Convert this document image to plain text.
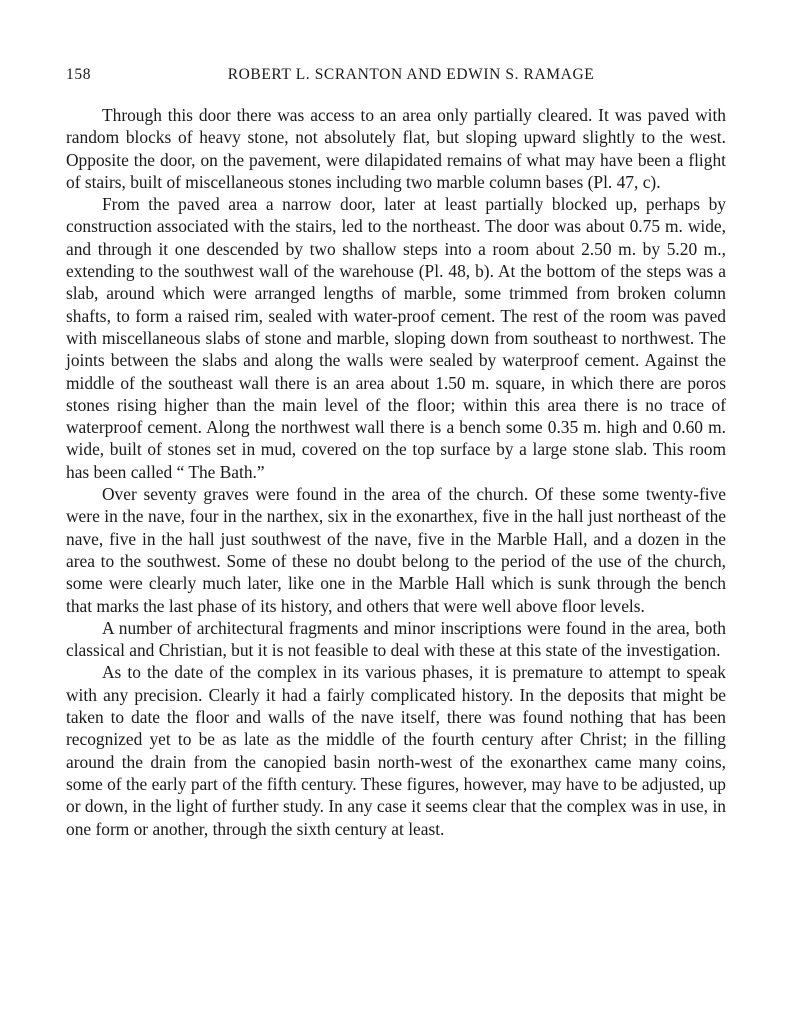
158	ROBERT L. SCRANTON AND EDWIN S. RAMAGE

Through this door there was access to an area only partially cleared. It was paved with random blocks of heavy stone, not absolutely flat, but sloping upward slightly to the west. Opposite the door, on the pavement, were dilapidated remains of what may have been a flight of stairs, built of miscellaneous stones including two marble column bases (Pl. 47, c).

From the paved area a narrow door, later at least partially blocked up, perhaps by construction associated with the stairs, led to the northeast. The door was about 0.75 m. wide, and through it one descended by two shallow steps into a room about 2.50 m. by 5.20 m., extending to the southwest wall of the warehouse (Pl. 48, b). At the bottom of the steps was a slab, around which were arranged lengths of marble, some trimmed from broken column shafts, to form a raised rim, sealed with water-proof cement. The rest of the room was paved with miscellaneous slabs of stone and marble, sloping down from southeast to northwest. The joints between the slabs and along the walls were sealed by waterproof cement. Against the middle of the southeast wall there is an area about 1.50 m. square, in which there are poros stones rising higher than the main level of the floor; within this area there is no trace of waterproof cement. Along the northwest wall there is a bench some 0.35 m. high and 0.60 m. wide, built of stones set in mud, covered on the top surface by a large stone slab. This room has been called “ The Bath.”

Over seventy graves were found in the area of the church. Of these some twenty-five were in the nave, four in the narthex, six in the exonarthex, five in the hall just northeast of the nave, five in the hall just southwest of the nave, five in the Marble Hall, and a dozen in the area to the southwest. Some of these no doubt belong to the period of the use of the church, some were clearly much later, like one in the Marble Hall which is sunk through the bench that marks the last phase of its history, and others that were well above floor levels.

A number of architectural fragments and minor inscriptions were found in the area, both classical and Christian, but it is not feasible to deal with these at this state of the investigation.

As to the date of the complex in its various phases, it is premature to attempt to speak with any precision. Clearly it had a fairly complicated history. In the deposits that might be taken to date the floor and walls of the nave itself, there was found nothing that has been recognized yet to be as late as the middle of the fourth century after Christ; in the filling around the drain from the canopied basin north-west of the exonarthex came many coins, some of the early part of the fifth century. These figures, however, may have to be adjusted, up or down, in the light of further study. In any case it seems clear that the complex was in use, in one form or another, through the sixth century at least.
